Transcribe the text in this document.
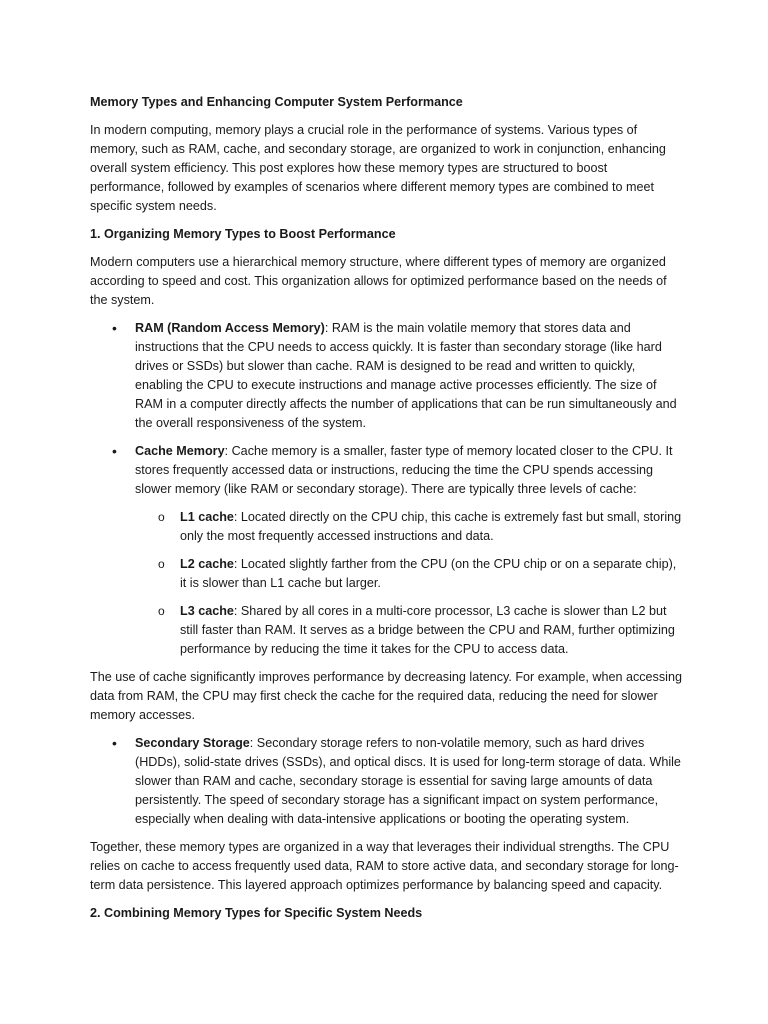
Memory Types and Enhancing Computer System Performance

In modern computing, memory plays a crucial role in the performance of systems. Various types of memory, such as RAM, cache, and secondary storage, are organized to work in conjunction, enhancing overall system efficiency. This post explores how these memory types are structured to boost performance, followed by examples of scenarios where different memory types are combined to meet specific system needs.

1. Organizing Memory Types to Boost Performance

Modern computers use a hierarchical memory structure, where different types of memory are organized according to speed and cost. This organization allows for optimized performance based on the needs of the system.

• RAM (Random Access Memory): RAM is the main volatile memory that stores data and instructions that the CPU needs to access quickly. It is faster than secondary storage (like hard drives or SSDs) but slower than cache. RAM is designed to be read and written to quickly, enabling the CPU to execute instructions and manage active processes efficiently. The size of RAM in a computer directly affects the number of applications that can be run simultaneously and the overall responsiveness of the system.
• Cache Memory: Cache memory is a smaller, faster type of memory located closer to the CPU. It stores frequently accessed data or instructions, reducing the time the CPU spends accessing slower memory (like RAM or secondary storage). There are typically three levels of cache:
o L1 cache: Located directly on the CPU chip, this cache is extremely fast but small, storing only the most frequently accessed instructions and data.
o L2 cache: Located slightly farther from the CPU (on the CPU chip or on a separate chip), it is slower than L1 cache but larger.
o L3 cache: Shared by all cores in a multi-core processor, L3 cache is slower than L2 but still faster than RAM. It serves as a bridge between the CPU and RAM, further optimizing performance by reducing the time it takes for the CPU to access data.

The use of cache significantly improves performance by decreasing latency. For example, when accessing data from RAM, the CPU may first check the cache for the required data, reducing the need for slower memory accesses.

• Secondary Storage: Secondary storage refers to non-volatile memory, such as hard drives (HDDs), solid-state drives (SSDs), and optical discs. It is used for long-term storage of data. While slower than RAM and cache, secondary storage is essential for saving large amounts of data persistently. The speed of secondary storage has a significant impact on system performance, especially when dealing with data-intensive applications or booting the operating system.

Together, these memory types are organized in a way that leverages their individual strengths. The CPU relies on cache to access frequently used data, RAM to store active data, and secondary storage for long-term data persistence. This layered approach optimizes performance by balancing speed and capacity.

2. Combining Memory Types for Specific System Needs
